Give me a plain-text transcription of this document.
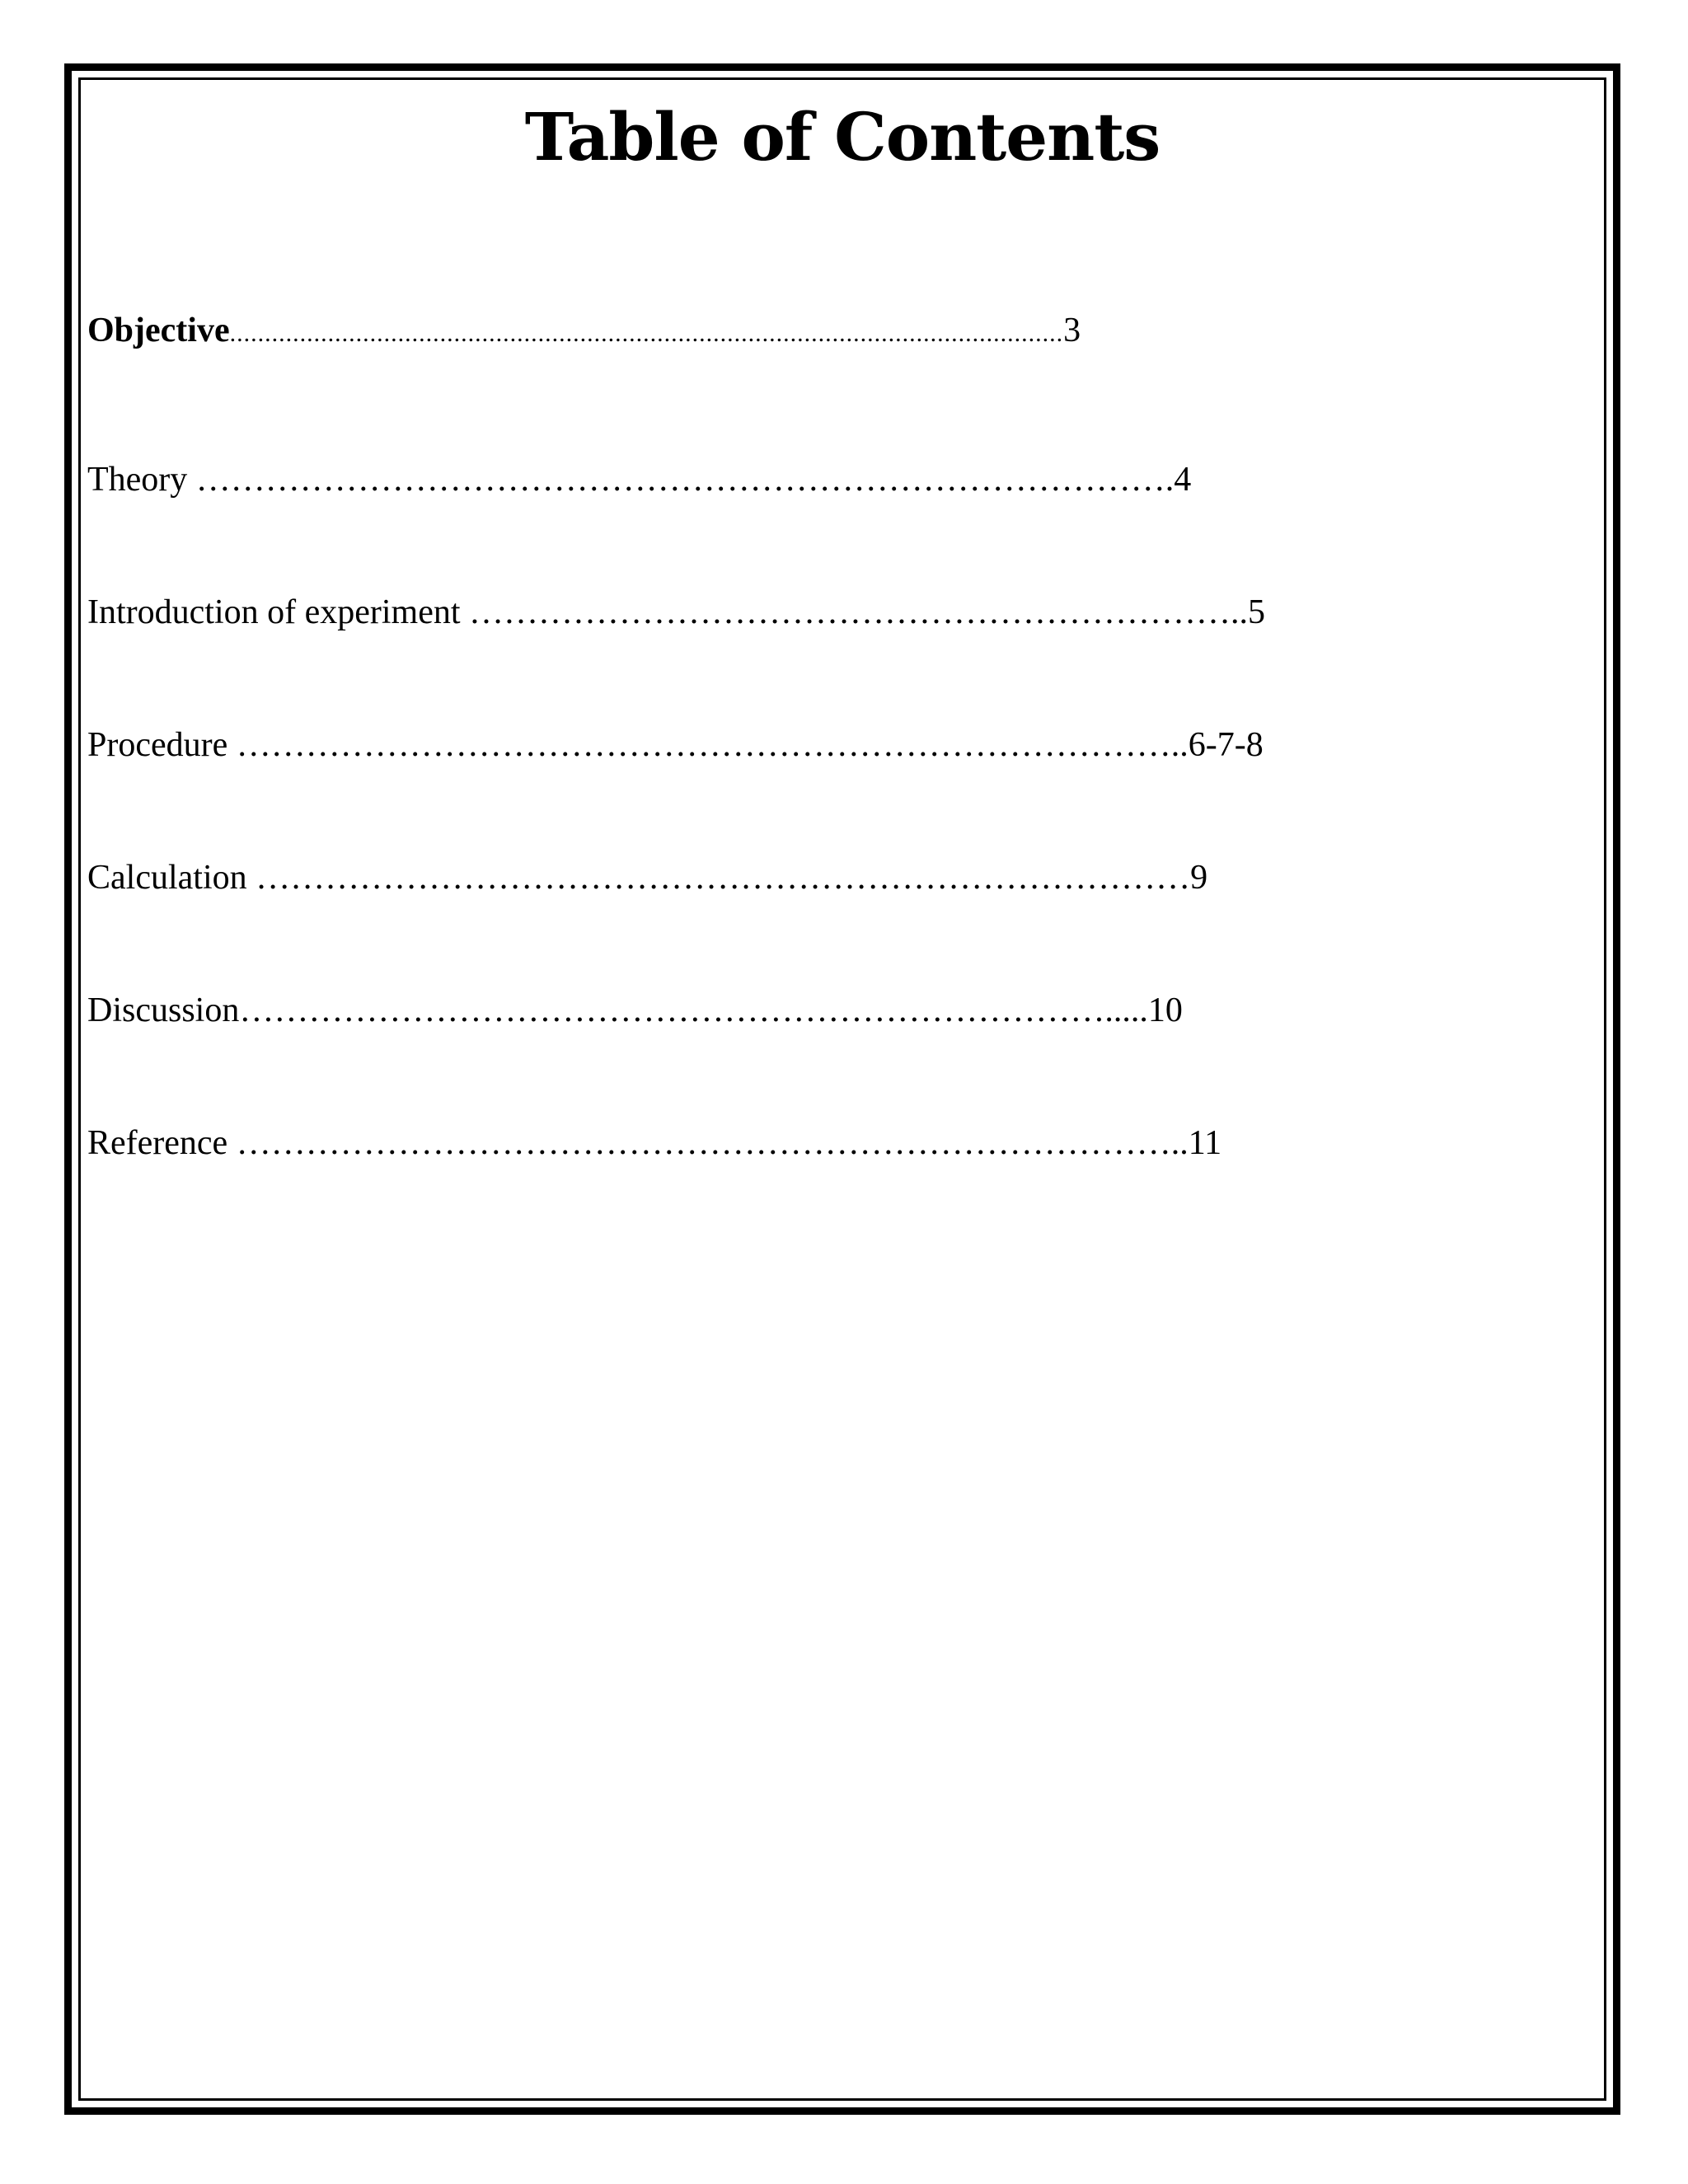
Table of Contents
Objective.......................................................................................................................3
Theory ………………………………………………………………………….4
Introduction of experiment …………………………………………………………..5
Procedure ………………………………………………………………………..6-7-8
Calculation ………………………………………………………………………9
Discussion………………………………………………………………….....10
Reference ………………………………………………………………………..11
